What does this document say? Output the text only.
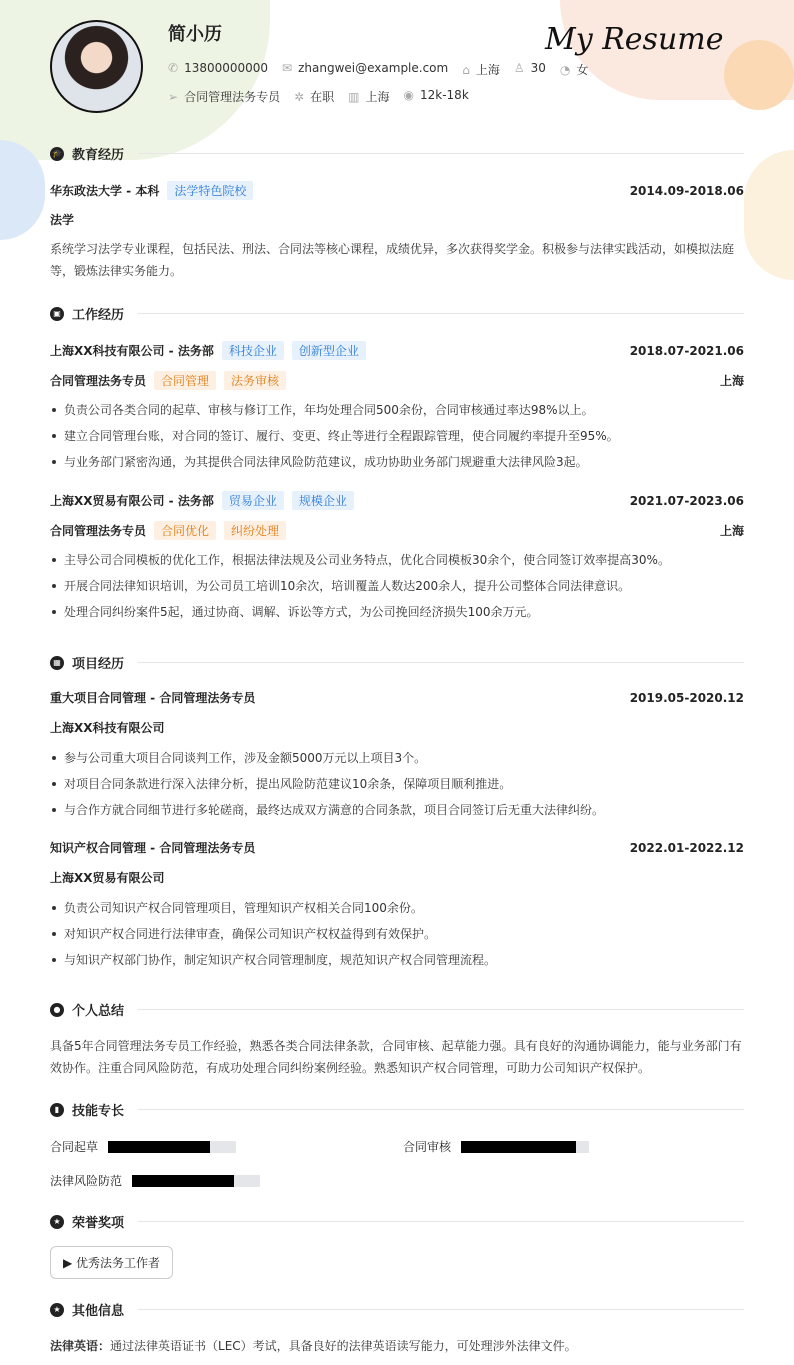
简小历	My Resume
✆ 13800000000 ✉ zhangwei@example.com ⌂ 上海 ♙ 30 ◔ 女
➢ 合同管理法务专员 ✲ 在职 ▥ 上海 ◉ 12k-18k
🎓 教育经历
华东政法大学 - 本科	法学特色院校	2014.09-2018.06
法学
系统学习法学专业课程，包括民法、刑法、合同法等核心课程，成绩优异，多次获得奖学金。积极参与法律实践活动，如模拟法庭等，锻炼法律实务能力。
▣ 工作经历
上海XX科技有限公司 - 法务部	科技企业	创新型企业	2018.07-2021.06
合同管理法务专员	合同管理	法务审核	上海
负责公司各类合同的起草、审核与修订工作，年均处理合同500余份，合同审核通过率达98%以上。
建立合同管理台账，对合同的签订、履行、变更、终止等进行全程跟踪管理，使合同履约率提升至95%。
与业务部门紧密沟通，为其提供合同法律风险防范建议，成功协助业务部门规避重大法律风险3起。
上海XX贸易有限公司 - 法务部	贸易企业	规模企业	2021.07-2023.06
合同管理法务专员	合同优化	纠纷处理	上海
主导公司合同模板的优化工作，根据法律法规及公司业务特点，优化合同模板30余个，使合同签订效率提高30%。
开展合同法律知识培训，为公司员工培训10余次，培训覆盖人数达200余人，提升公司整体合同法律意识。
处理合同纠纷案件5起，通过协商、调解、诉讼等方式，为公司挽回经济损失100余万元。
▦ 项目经历
重大项目合同管理 - 合同管理法务专员	2019.05-2020.12
上海XX科技有限公司
参与公司重大项目合同谈判工作，涉及金额5000万元以上项目3个。
对项目合同条款进行深入法律分析，提出风险防范建议10余条，保障项目顺利推进。
与合作方就合同细节进行多轮磋商，最终达成双方满意的合同条款，项目合同签订后无重大法律纠纷。
知识产权合同管理 - 合同管理法务专员	2022.01-2022.12
上海XX贸易有限公司
负责公司知识产权合同管理项目，管理知识产权相关合同100余份。
对知识产权合同进行法律审查，确保公司知识产权权益得到有效保护。
与知识产权部门协作，制定知识产权合同管理制度，规范知识产权合同管理流程。
● 个人总结
具备5年合同管理法务专员工作经验，熟悉各类合同法律条款，合同审核、起草能力强。具有良好的沟通协调能力，能与业务部门有效协作。注重合同风险防范，有成功处理合同纠纷案例经验。熟悉知识产权合同管理，可助力公司知识产权保护。
▮ 技能专长
合同起草	合同审核
法律风险防范
★ 荣誉奖项
▶ 优秀法务工作者
★ 其他信息
法律英语：通过法律英语证书（LEC）考试，具备良好的法律英语读写能力，可处理涉外法律文件。
